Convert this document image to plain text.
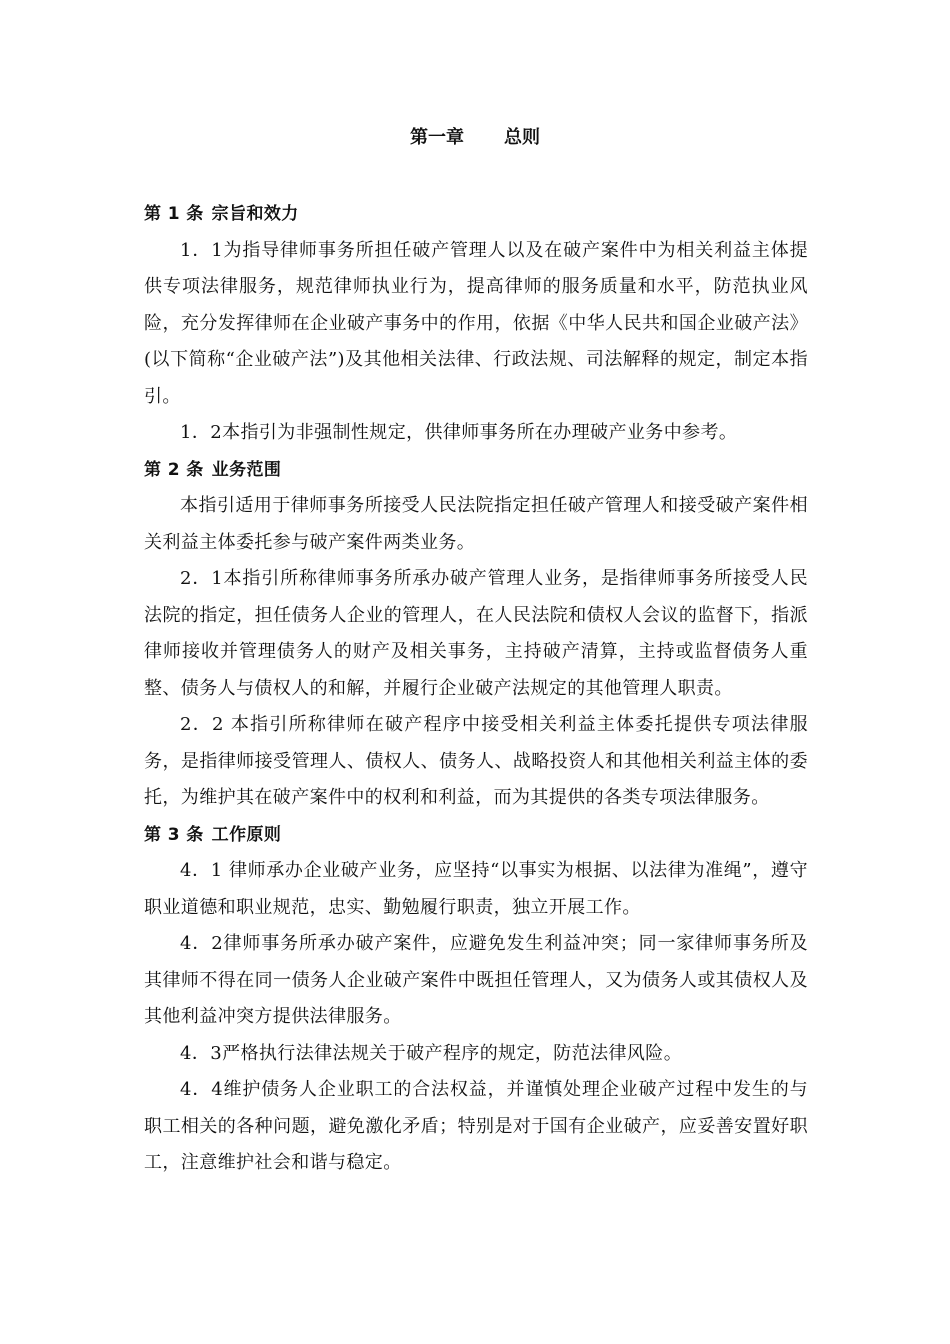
第一章 总则
第 1 条 宗旨和效力

1．1为指导律师事务所担任破产管理人以及在破产案件中为相关利益主体提供专项法律服务，规范律师执业行为，提高律师的服务质量和水平，防范执业风险，充分发挥律师在企业破产事务中的作用，依据《中华人民共和国企业破产法》(以下简称“企业破产法”)及其他相关法律、行政法规、司法解释的规定，制定本指引。

1．2本指引为非强制性规定，供律师事务所在办理破产业务中参考。

第 2 条 业务范围

本指引适用于律师事务所接受人民法院指定担任破产管理人和接受破产案件相关利益主体委托参与破产案件两类业务。

2．1本指引所称律师事务所承办破产管理人业务，是指律师事务所接受人民法院的指定，担任债务人企业的管理人，在人民法院和债权人会议的监督下，指派律师接收并管理债务人的财产及相关事务，主持破产清算，主持或监督债务人重整、债务人与债权人的和解，并履行企业破产法规定的其他管理人职责。

2．2 本指引所称律师在破产程序中接受相关利益主体委托提供专项法律服务，是指律师接受管理人、债权人、债务人、战略投资人和其他相关利益主体的委托，为维护其在破产案件中的权利和利益，而为其提供的各类专项法律服务。

第 3 条 工作原则

4．1 律师承办企业破产业务，应坚持“以事实为根据、以法律为准绳”，遵守职业道德和职业规范，忠实、勤勉履行职责，独立开展工作。

4．2律师事务所承办破产案件，应避免发生利益冲突；同一家律师事务所及其律师不得在同一债务人企业破产案件中既担任管理人，又为债务人或其债权人及其他利益冲突方提供法律服务。

4．3严格执行法律法规关于破产程序的规定，防范法律风险。

4．4维护债务人企业职工的合法权益，并谨慎处理企业破产过程中发生的与职工相关的各种问题，避免激化矛盾；特别是对于国有企业破产，应妥善安置好职工，注意维护社会和谐与稳定。
